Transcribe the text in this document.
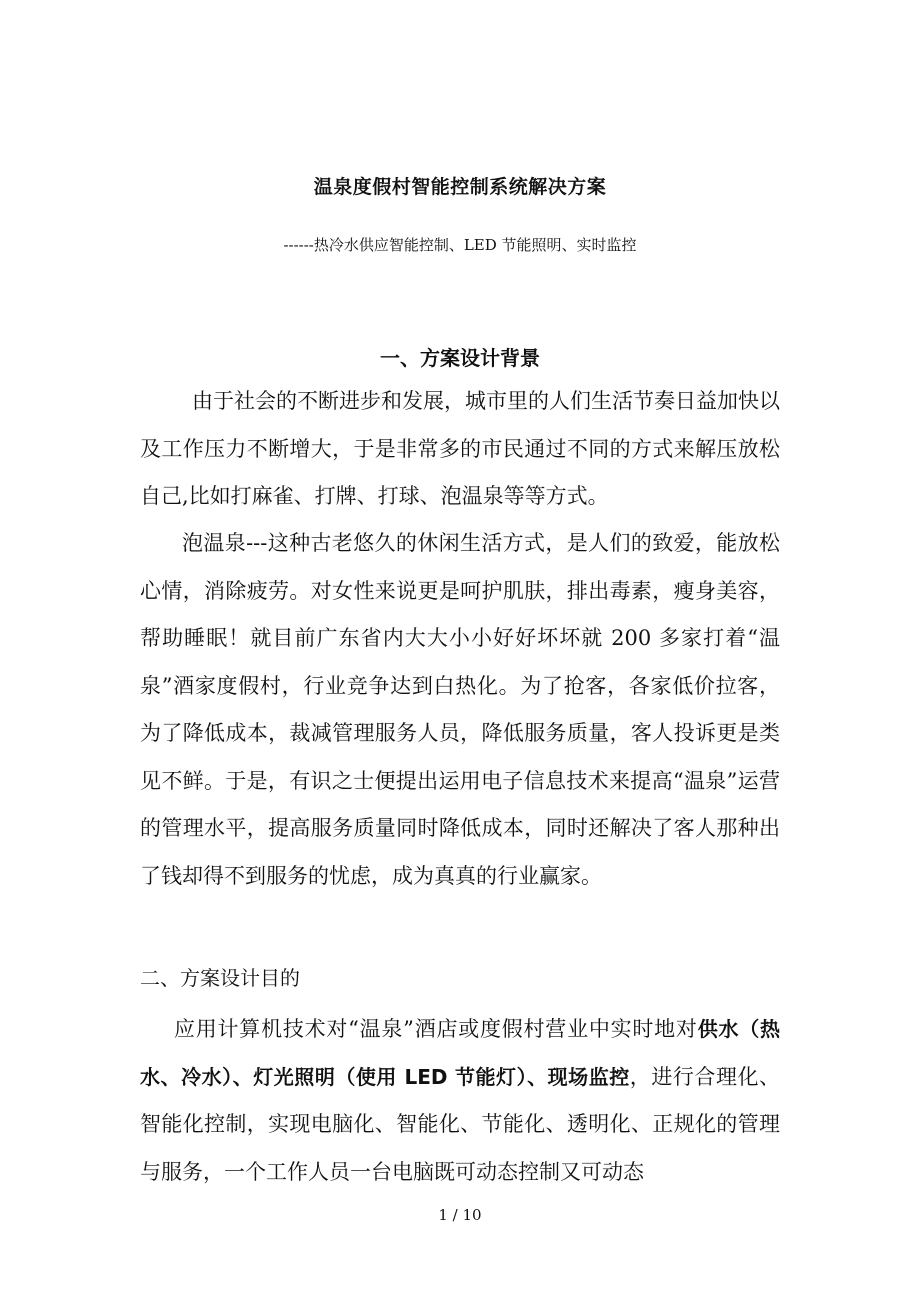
温泉度假村智能控制系统解决方案
------热冷水供应智能控制、LED 节能照明、实时监控
一、方案设计背景

由于社会的不断进步和发展，城市里的人们生活节奏日益加快以及工作压力不断增大，于是非常多的市民通过不同的方式来解压放松自己,比如打麻雀、打牌、打球、泡温泉等等方式。

泡温泉---这种古老悠久的休闲生活方式，是人们的致爱，能放松心情，消除疲劳。对女性来说更是呵护肌肤，排出毒素，瘦身美容，帮助睡眠！就目前广东省内大大小小好好坏坏就 200 多家打着“温泉”酒家度假村，行业竞争达到白热化。为了抢客，各家低价拉客，为了降低成本，裁减管理服务人员，降低服务质量，客人投诉更是类见不鲜。于是，有识之士便提出运用电子信息技术来提高“温泉”运营的管理水平，提高服务质量同时降低成本，同时还解决了客人那种出了钱却得不到服务的忧虑，成为真真的行业赢家。

二、方案设计目的

应用计算机技术对“温泉”酒店或度假村营业中实时地对供水（热水、冷水）、灯光照明（使用 LED 节能灯）、现场监控，进行合理化、智能化控制，实现电脑化、智能化、节能化、透明化、正规化的管理与服务，一个工作人员一台电脑既可动态控制又可动态

1 / 10
